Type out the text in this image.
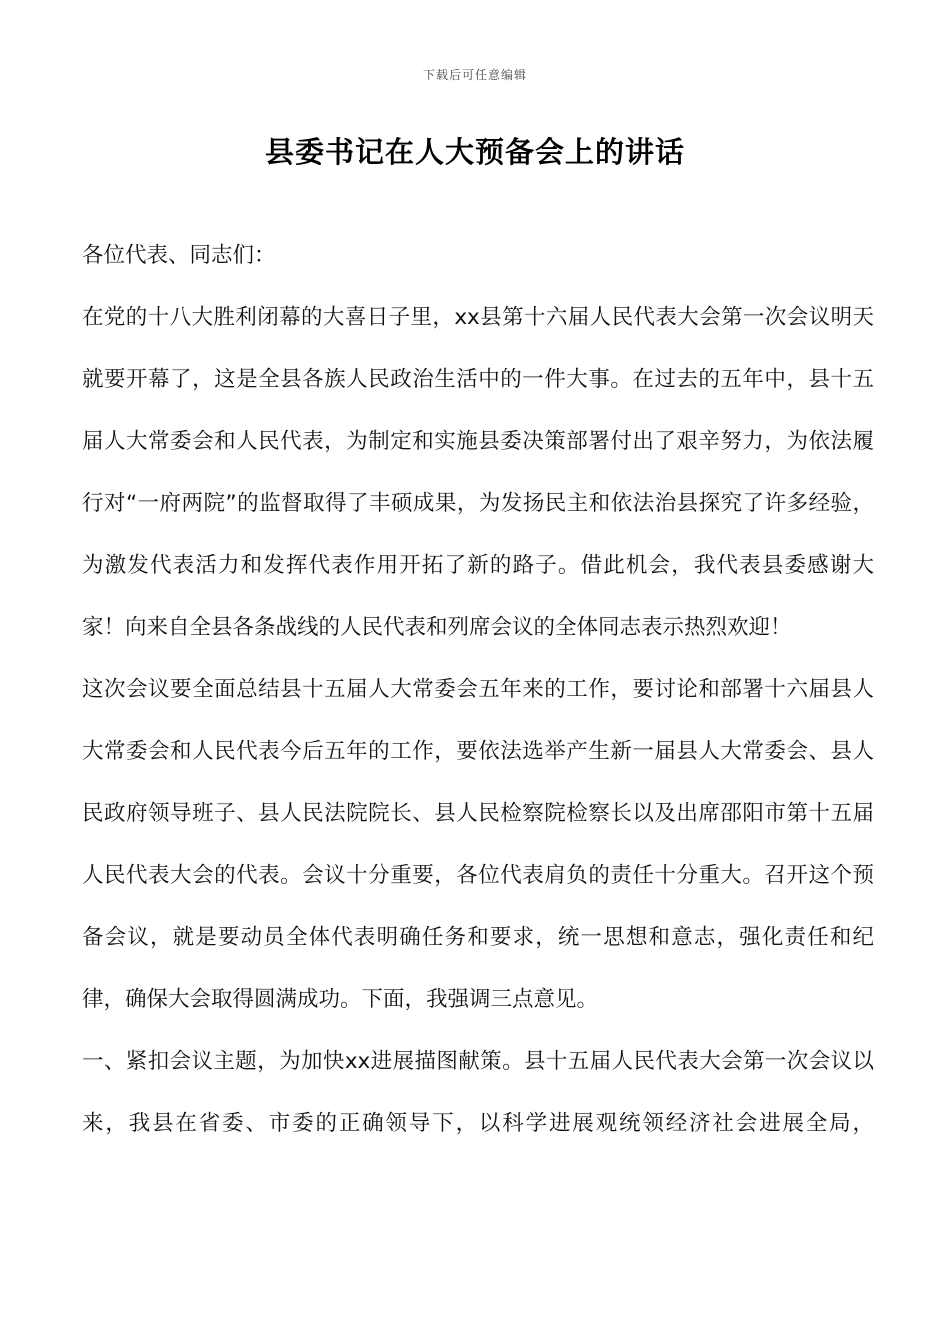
下载后可任意编辑
县委书记在人大预备会上的讲话

各位代表、同志们：

在党的十八大胜利闭幕的大喜日子里，xx县第十六届人民代表大会第一次会议明天就要开幕了，这是全县各族人民政治生活中的一件大事。在过去的五年中，县十五届人大常委会和人民代表，为制定和实施县委决策部署付出了艰辛努力，为依法履行对“一府两院”的监督取得了丰硕成果，为发扬民主和依法治县探究了许多经验，为激发代表活力和发挥代表作用开拓了新的路子。借此机会，我代表县委感谢大家！向来自全县各条战线的人民代表和列席会议的全体同志表示热烈欢迎！

这次会议要全面总结县十五届人大常委会五年来的工作，要讨论和部署十六届县人大常委会和人民代表今后五年的工作，要依法选举产生新一届县人大常委会、县人民政府领导班子、县人民法院院长、县人民检察院检察长以及出席邵阳市第十五届人民代表大会的代表。会议十分重要，各位代表肩负的责任十分重大。召开这个预备会议，就是要动员全体代表明确任务和要求，统一思想和意志，强化责任和纪律，确保大会取得圆满成功。下面，我强调三点意见。

一、紧扣会议主题，为加快xx进展描图献策。县十五届人民代表大会第一次会议以来，我县在省委、市委的正确领导下，以科学进展观统领经济社会进展全局，
